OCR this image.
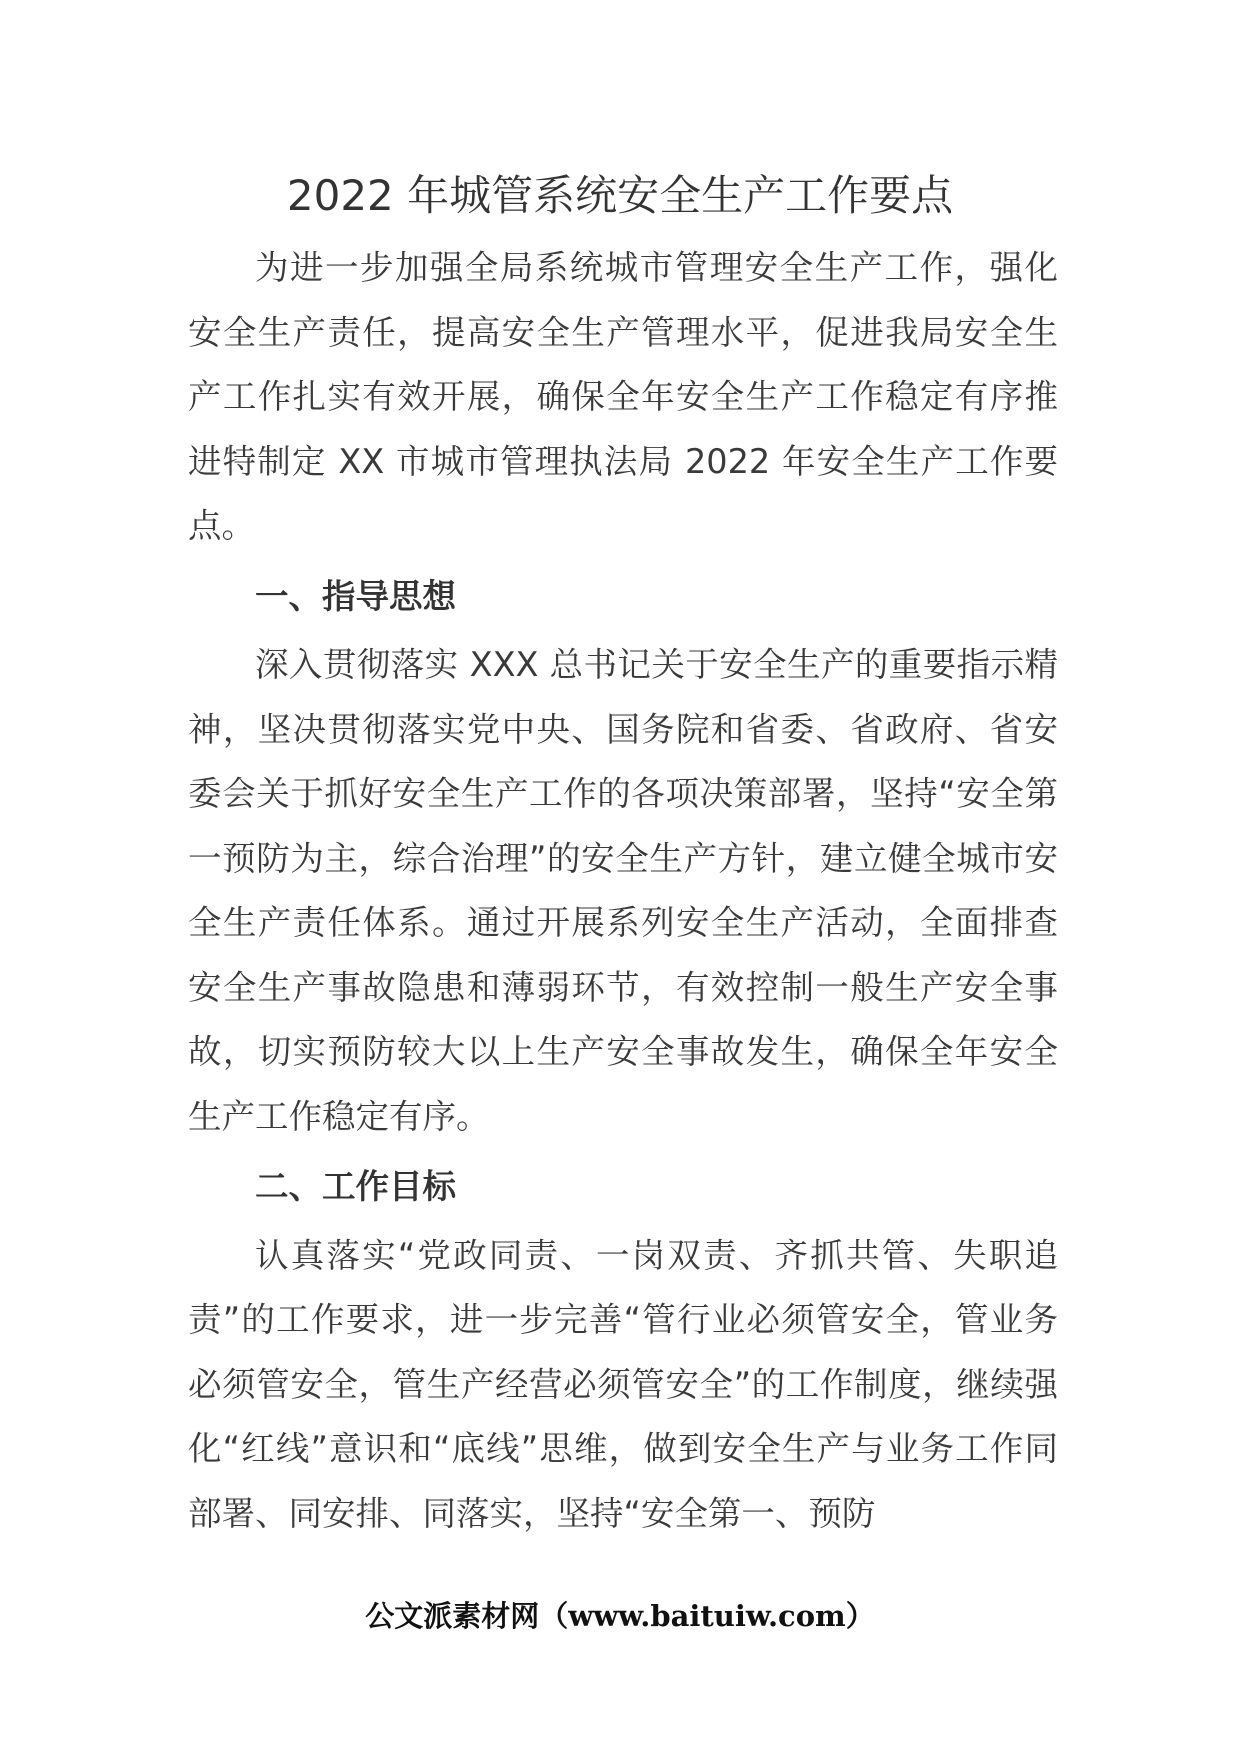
2022 年城管系统安全生产工作要点

为进一步加强全局系统城市管理安全生产工作，强化安全生产责任，提高安全生产管理水平，促进我局安全生产工作扎实有效开展，确保全年安全生产工作稳定有序推进特制定 XX 市城市管理执法局 2022 年安全生产工作要点。

一、指导思想

深入贯彻落实 XXX 总书记关于安全生产的重要指示精神，坚决贯彻落实党中央、国务院和省委、省政府、省安委会关于抓好安全生产工作的各项决策部署，坚持“安全第一预防为主，综合治理”的安全生产方针，建立健全城市安全生产责任体系。通过开展系列安全生产活动，全面排查安全生产事故隐患和薄弱环节，有效控制一般生产安全事故，切实预防较大以上生产安全事故发生，确保全年安全生产工作稳定有序。

二、工作目标

认真落实“党政同责、一岗双责、齐抓共管、失职追责”的工作要求，进一步完善“管行业必须管安全，管业务必须管安全，管生产经营必须管安全”的工作制度，继续强化“红线”意识和“底线”思维，做到安全生产与业务工作同部署、同安排、同落实，坚持“安全第一、预防

公文派素材网（www.baituiw.com）
